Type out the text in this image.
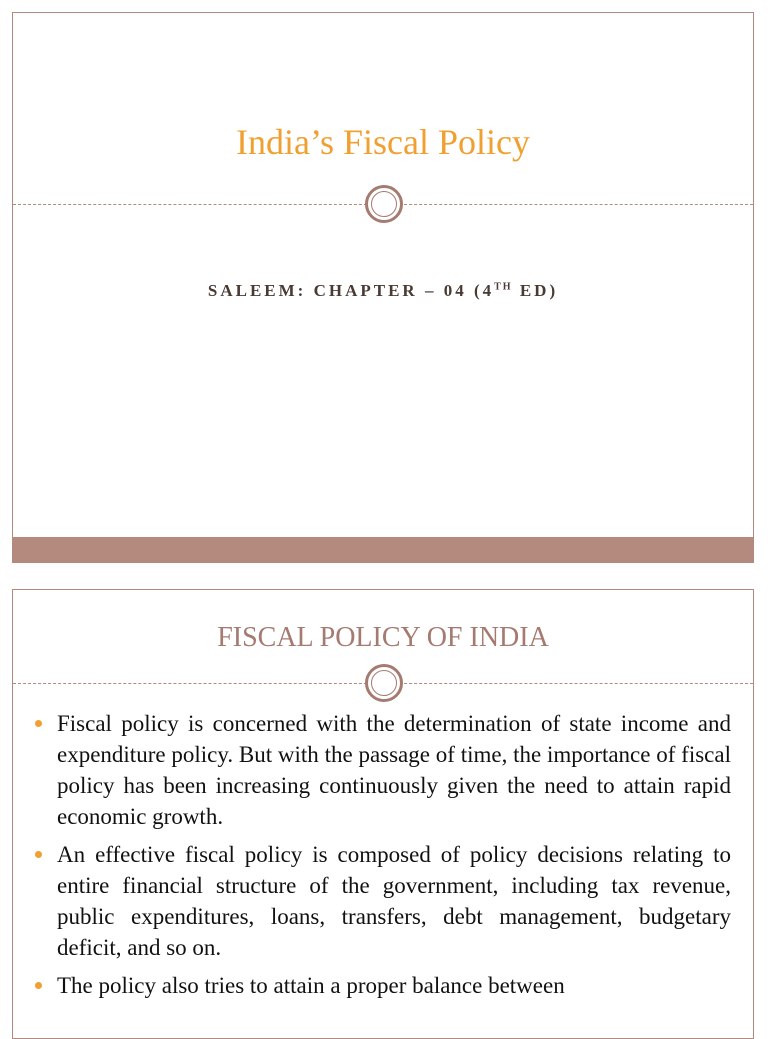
India’s Fiscal Policy
SALEEM: CHAPTER – 04 (4TH ED)
FISCAL POLICY OF INDIA
Fiscal policy is concerned with the determination of state income and expenditure policy. But with the passage of time, the importance of fiscal policy has been increasing continuously given the need to attain rapid economic growth.
An effective fiscal policy is composed of policy decisions relating to entire financial structure of the government, including tax revenue, public expenditures, loans, transfers, debt management, budgetary deficit, and so on.
The policy also tries to attain a proper balance between
